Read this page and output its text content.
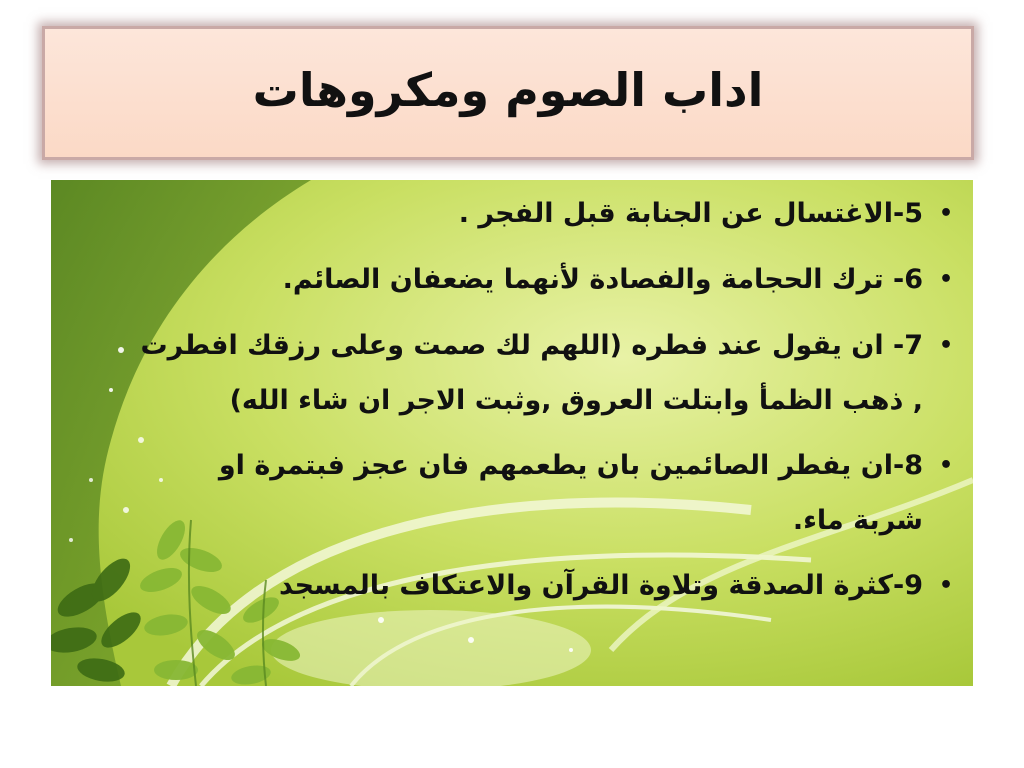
اداب الصوم ومكروهات
•
5-الاغتسال عن الجنابة قبل الفجر .
•
6- ترك الحجامة والفصادة لأنهما يضعفان الصائم.
•
7- ان يقول عند فطره (اللهم لك صمت وعلى رزقك افطرت
, ذهب الظمأ وابتلت العروق ,وثبت الاجر ان شاء الله)
•
8-ان يفطر الصائمين بان يطعمهم فان عجز فبتمرة او
شربة ماء.
•
9-كثرة الصدقة وتلاوة القرآن والاعتكاف بالمسجد
